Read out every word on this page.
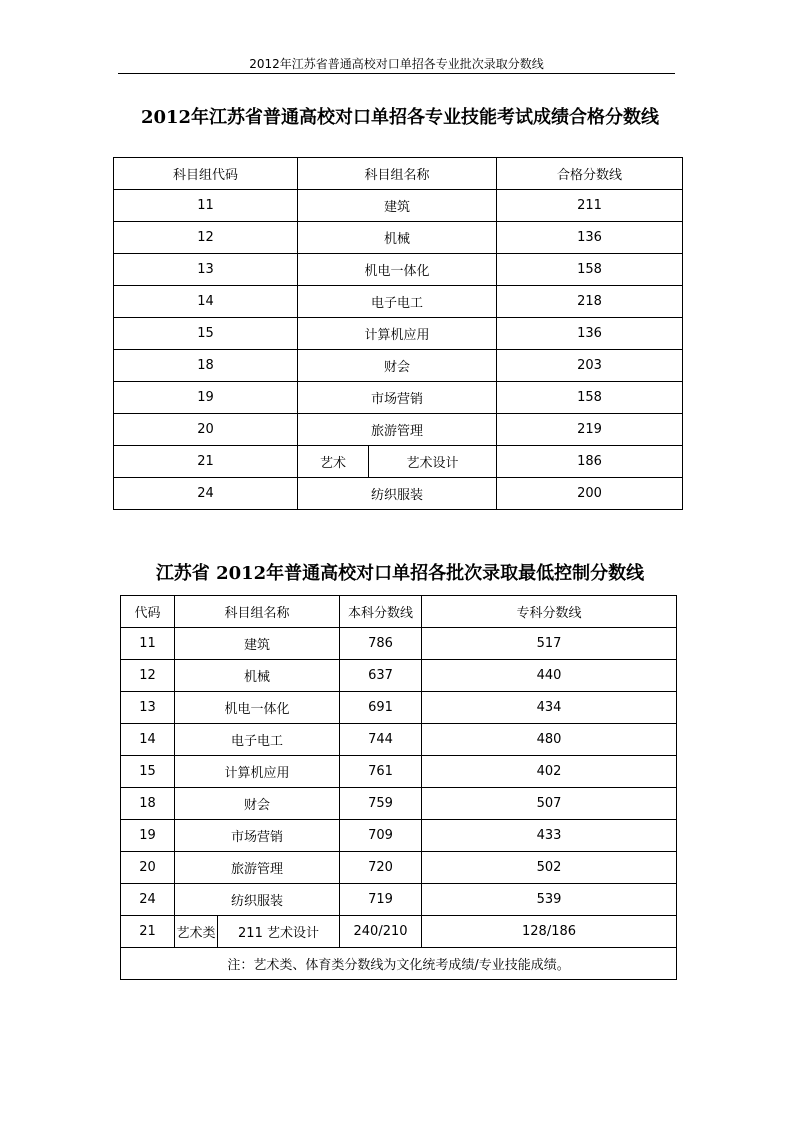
2012年江苏省普通高校对口单招各专业批次录取分数线
2012年江苏省普通高校对口单招各专业技能考试成绩合格分数线
科目组代码	科目组名称		合格分数线
11	建筑		211
12	机械		136
13	机电一体化		158
14	电子电工		218
15	计算机应用		136
18	财会		203
19	市场营销		158
20	旅游管理		219
21	艺术	艺术设计	186
24	纺织服装		200
江苏省 2012年普通高校对口单招各批次录取最低控制分数线
代码	科目组名称		本科分数线	专科分数线
11	建筑		786	517
12	机械		637	440
13	机电一体化		691	434
14	电子电工		744	480
15	计算机应用		761	402
18	财会		759	507
19	市场营销		709	433
20	旅游管理		720	502
24	纺织服装		719	539
21	艺术类	211 艺术设计	240/210	128/186
注：艺术类、体育类分数线为文化统考成绩/专业技能成绩。				
